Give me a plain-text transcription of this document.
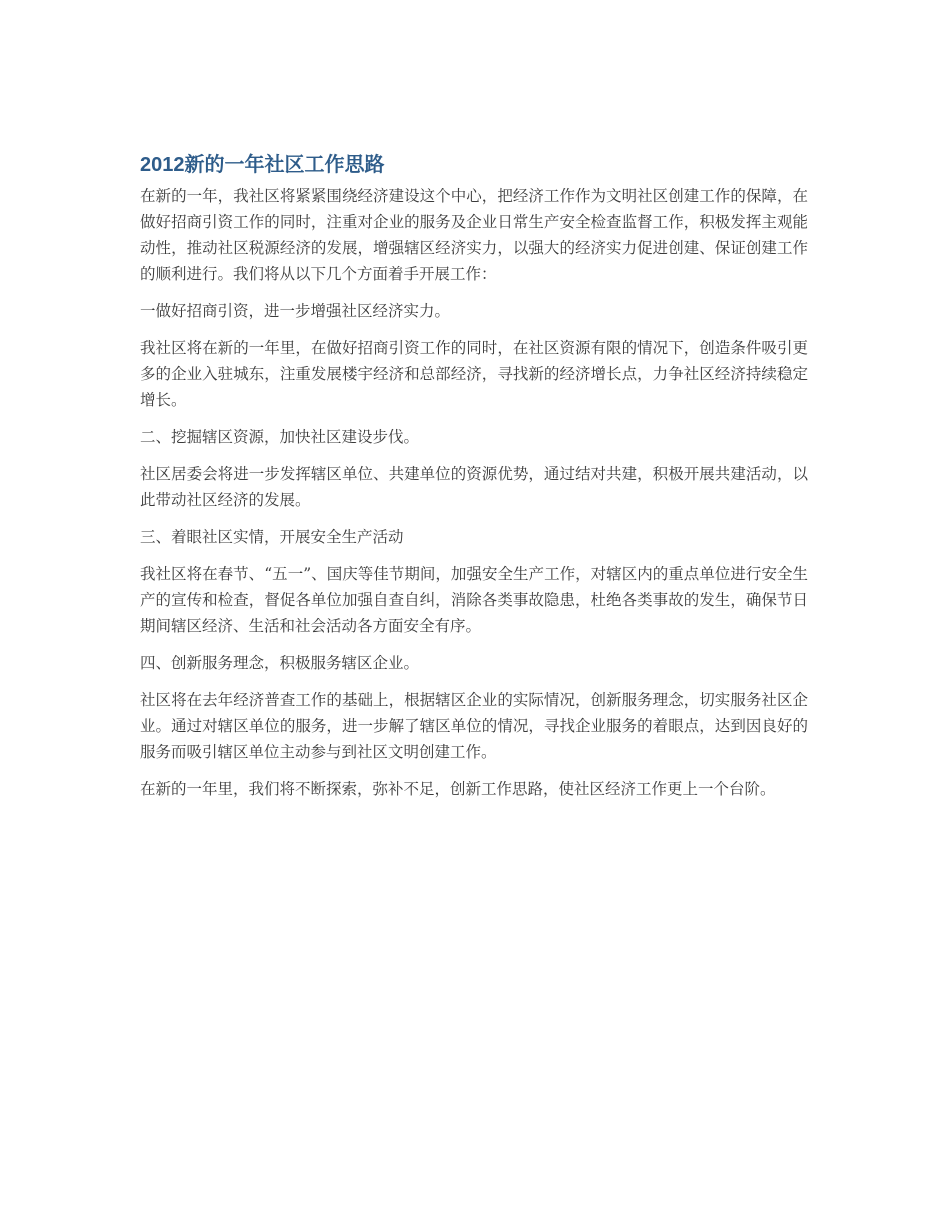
2012新的一年社区工作思路

在新的一年，我社区将紧紧围绕经济建设这个中心，把经济工作作为文明社区创建工作的保障，在做好招商引资工作的同时，注重对企业的服务及企业日常生产安全检查监督工作，积极发挥主观能动性，推动社区税源经济的发展，增强辖区经济实力，以强大的经济实力促进创建、保证创建工作的顺利进行。我们将从以下几个方面着手开展工作：

一做好招商引资，进一步增强社区经济实力。

我社区将在新的一年里，在做好招商引资工作的同时，在社区资源有限的情况下，创造条件吸引更多的企业入驻城东，注重发展楼宇经济和总部经济，寻找新的经济增长点，力争社区经济持续稳定增长。

二、挖掘辖区资源，加快社区建设步伐。

社区居委会将进一步发挥辖区单位、共建单位的资源优势，通过结对共建，积极开展共建活动，以此带动社区经济的发展。

三、着眼社区实情，开展安全生产活动

我社区将在春节、“五一”、国庆等佳节期间，加强安全生产工作，对辖区内的重点单位进行安全生产的宣传和检查，督促各单位加强自查自纠，消除各类事故隐患，杜绝各类事故的发生，确保节日期间辖区经济、生活和社会活动各方面安全有序。

四、创新服务理念，积极服务辖区企业。

社区将在去年经济普查工作的基础上，根据辖区企业的实际情况，创新服务理念，切实服务社区企业。通过对辖区单位的服务，进一步解了辖区单位的情况，寻找企业服务的着眼点，达到因良好的服务而吸引辖区单位主动参与到社区文明创建工作。

在新的一年里，我们将不断探索，弥补不足，创新工作思路，使社区经济工作更上一个台阶。
